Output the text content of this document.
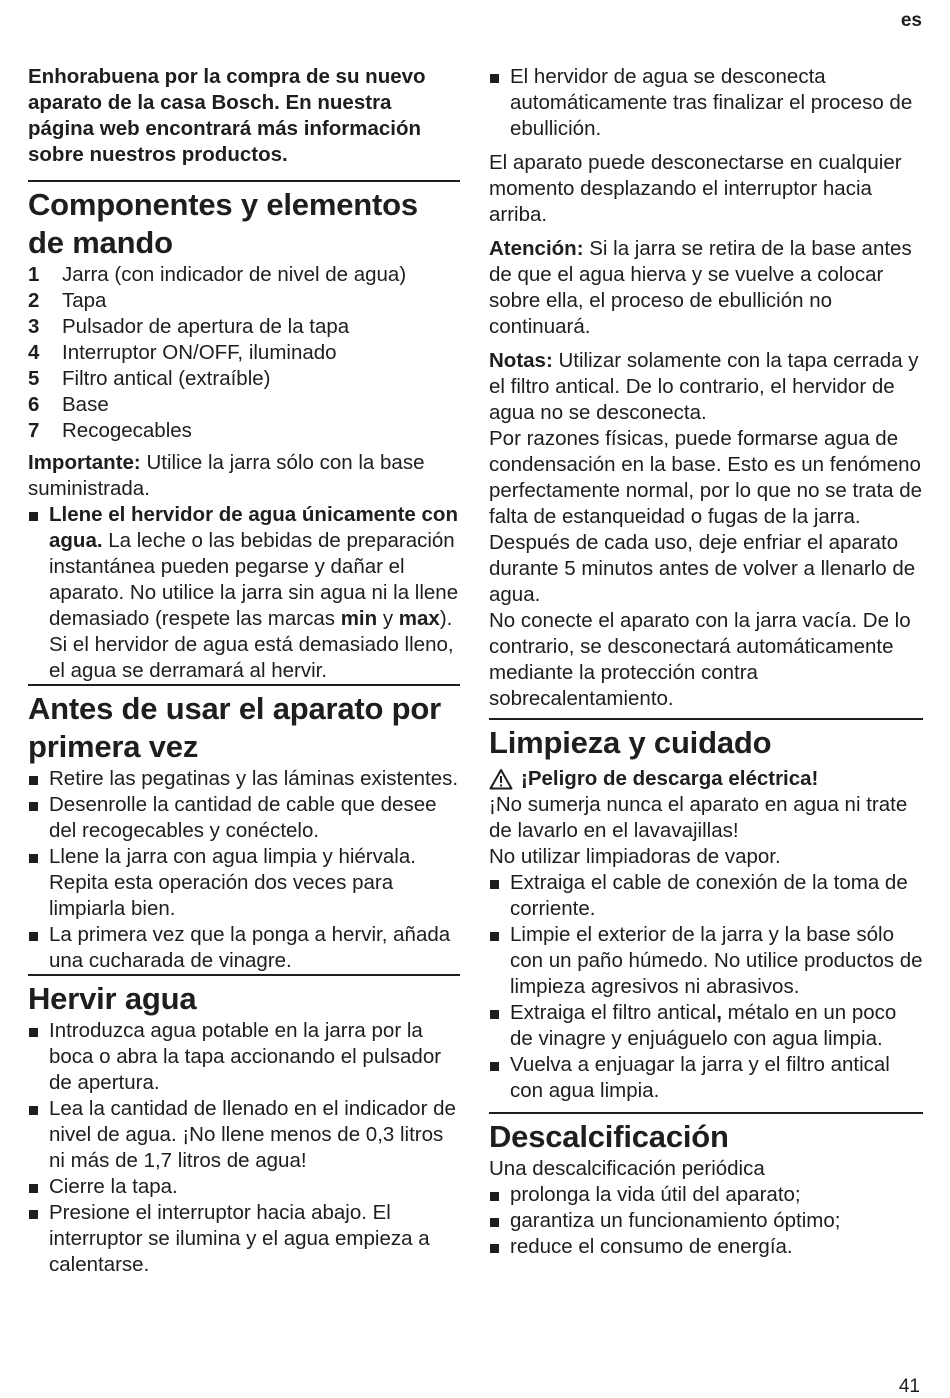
es

Enhorabuena por la compra de su nuevo aparato de la casa Bosch. En nuestra página web encontrará más información sobre nuestros productos.

Componentes y elementos de mando
1	Jarra (con indicador de nivel de agua)
2	Tapa
3	Pulsador de apertura de la tapa
4	Interruptor ON/OFF, iluminado
5	Filtro antical (extraíble)
6	Base
7	Recogecables

Importante: Utilice la jarra sólo con la base suministrada.

Llene el hervidor de agua únicamente con agua. La leche o las bebidas de preparación instantánea pueden pegarse y dañar el aparato. No utilice la jarra sin agua ni la llene demasiado (respete las marcas min y max). Si el hervidor de agua está demasiado lleno, el agua se derramará al hervir.
Antes de usar el aparato por primera vez
Retire las pegatinas y las láminas existentes.
Desenrolle la cantidad de cable que desee del recogecables y conéctelo.
Llene la jarra con agua limpia y hiérvala. Repita esta operación dos veces para limpiarla bien.
La primera vez que la ponga a hervir, añada una cucharada de vinagre.
Hervir agua
Introduzca agua potable en la jarra por la boca o abra la tapa accionando el pulsador de apertura.
Lea la cantidad de llenado en el indicador de nivel de agua. ¡No llene menos de 0,3 litros ni más de 1,7 litros de agua!
Cierre la tapa.
Presione el interruptor hacia abajo. El interruptor se ilumina y el agua empieza a calentarse.
El hervidor de agua se desconecta automáticamente tras finalizar el proceso de ebullición.

El aparato puede desconectarse en cualquier momento desplazando el interruptor hacia arriba.

Atención: Si la jarra se retira de la base antes de que el agua hierva y se vuelve a colocar sobre ella, el proceso de ebullición no continuará.

Notas: Utilizar solamente con la tapa cerrada y el filtro antical. De lo contrario, el hervidor de agua no se desconecta.

Por razones físicas, puede formarse agua de condensación en la base. Esto es un fenómeno perfectamente normal, por lo que no se trata de falta de estanqueidad o fugas de la jarra.

Después de cada uso, deje enfriar el aparato durante 5 minutos antes de volver a llenarlo de agua.

No conecte el aparato con la jarra vacía. De lo contrario, se desconectará automáticamente mediante la protección contra sobrecalentamiento.

Limpieza y cuidado
¡Peligro de descarga eléctrica!

¡No sumerja nunca el aparato en agua ni trate de lavarlo en el lavavajillas!

No utilizar limpiadoras de vapor.

Extraiga el cable de conexión de la toma de corriente.
Limpie el exterior de la jarra y la base sólo con un paño húmedo. No utilice productos de limpieza agresivos ni abrasivos.
Extraiga el filtro antical, métalo en un poco de vinagre y enjuáguelo con agua limpia.
Vuelva a enjuagar la jarra y el filtro antical con agua limpia.
Descalcificación

Una descalcificación periódica

prolonga la vida útil del aparato;
garantiza un funcionamiento óptimo;
reduce el consumo de energía.
41
